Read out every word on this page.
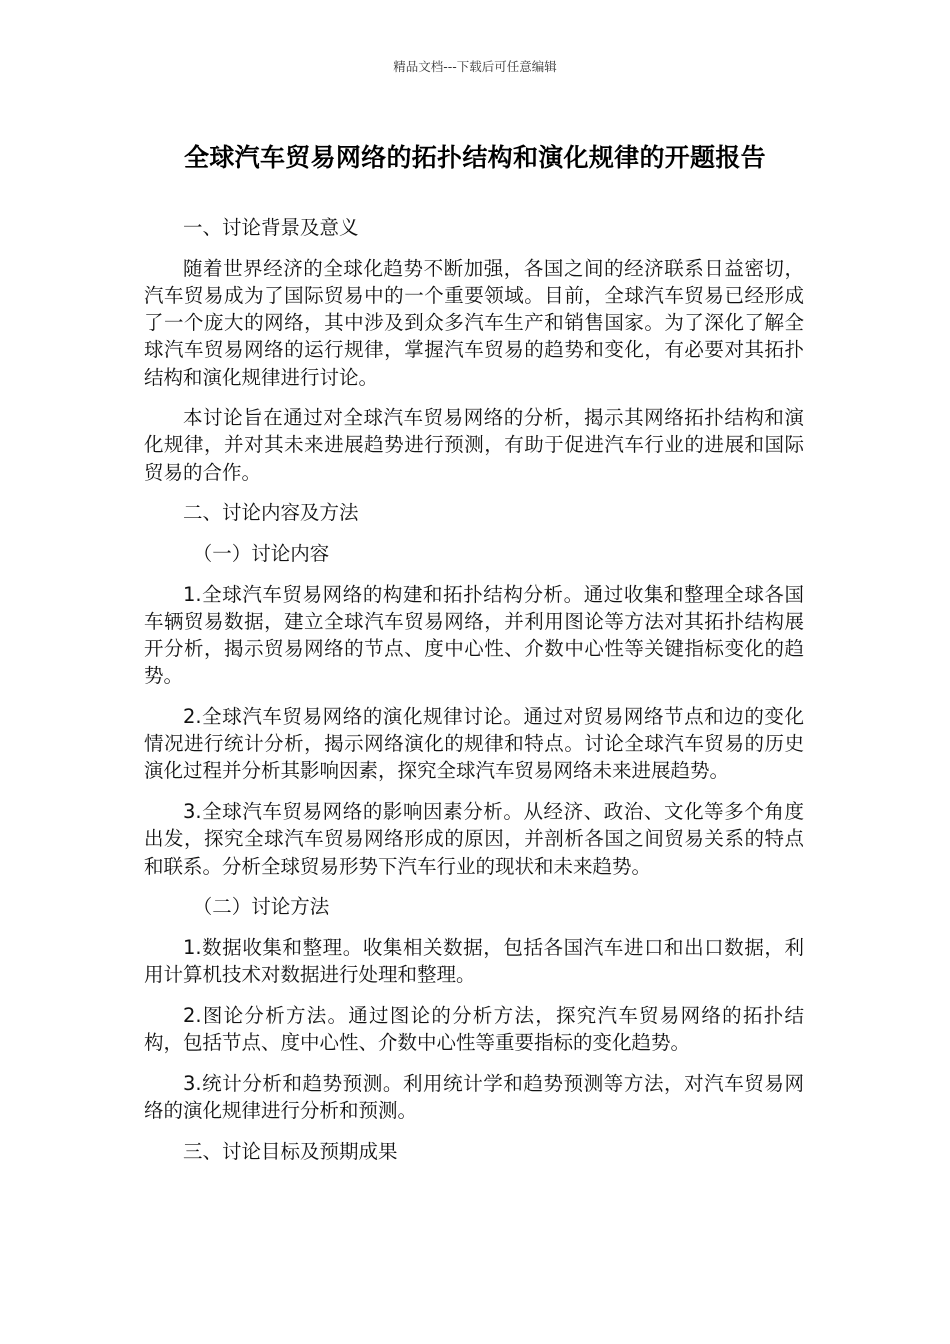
精品文档---下载后可任意编辑
全球汽车贸易网络的拓扑结构和演化规律的开题报告

一、讨论背景及意义

随着世界经济的全球化趋势不断加强，各国之间的经济联系日益密切，汽车贸易成为了国际贸易中的一个重要领域。目前，全球汽车贸易已经形成了一个庞大的网络，其中涉及到众多汽车生产和销售国家。为了深化了解全球汽车贸易网络的运行规律，掌握汽车贸易的趋势和变化，有必要对其拓扑结构和演化规律进行讨论。

本讨论旨在通过对全球汽车贸易网络的分析，揭示其网络拓扑结构和演化规律，并对其未来进展趋势进行预测，有助于促进汽车行业的进展和国际贸易的合作。

二、讨论内容及方法

（一）讨论内容

1.全球汽车贸易网络的构建和拓扑结构分析。通过收集和整理全球各国车辆贸易数据，建立全球汽车贸易网络，并利用图论等方法对其拓扑结构展开分析，揭示贸易网络的节点、度中心性、介数中心性等关键指标变化的趋势。

2.全球汽车贸易网络的演化规律讨论。通过对贸易网络节点和边的变化情况进行统计分析，揭示网络演化的规律和特点。讨论全球汽车贸易的历史演化过程并分析其影响因素，探究全球汽车贸易网络未来进展趋势。

3.全球汽车贸易网络的影响因素分析。从经济、政治、文化等多个角度出发，探究全球汽车贸易网络形成的原因，并剖析各国之间贸易关系的特点和联系。分析全球贸易形势下汽车行业的现状和未来趋势。

（二）讨论方法

1.数据收集和整理。收集相关数据，包括各国汽车进口和出口数据，利用计算机技术对数据进行处理和整理。

2.图论分析方法。通过图论的分析方法，探究汽车贸易网络的拓扑结构，包括节点、度中心性、介数中心性等重要指标的变化趋势。

3.统计分析和趋势预测。利用统计学和趋势预测等方法，对汽车贸易网络的演化规律进行分析和预测。

三、讨论目标及预期成果
